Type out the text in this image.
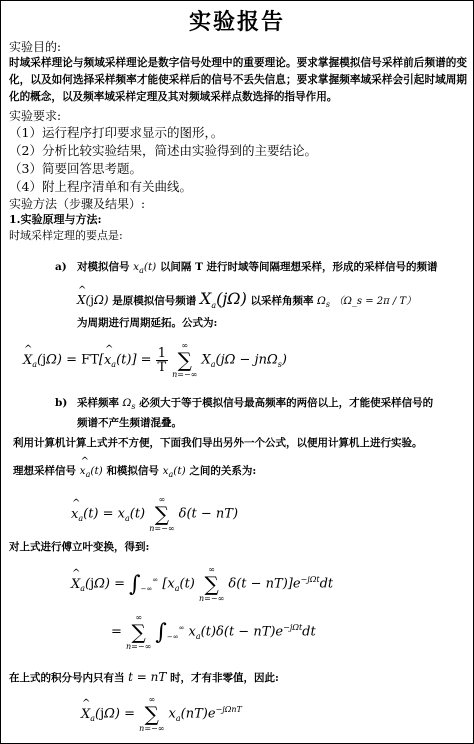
实验报告
实验目的:
时域采样理论与频域采样理论是数字信号处理中的重要理论。要求掌握模拟信号采样前后频谱的变化，以及如何选择采样频率才能使采样后的信号不丢失信息；要求掌握频率域采样会引起时域周期化的概念，以及频率域采样定理及其对频域采样点数选择的指导作用。
实验要求:
（1）运行程序打印要求显示的图形，。
（2）分析比较实验结果，简述由实验得到的主要结论。
（3）简要回答思考题。
（4）附上程序清单和有关曲线。
实验方法（步骤及结果）:
1.实验原理与方法:
时域采样定理的要点是:
a) 对模拟信号 $x_a(t)$ 以间隔 T 进行时域等间隔理想采样，形成的采样信号的频谱
^ X(jΩ) 是原模拟信号频谱 $X_a(j\Omega)$ 以采样角频率 $\Omega_s$ （Ω_s = 2π / T）
为周期进行周期延拓。公式为:
^ $X_a(j\Omega)$ = FT[^ $x_a(t)] = \frac{1}{T}$

∞
∑
n=−∞
$X_a(j\Omega - jn\Omega_s)$
b) 采样频率 $\Omega_s$ 必须大于等于模拟信号最高频率的两倍以上，才能使采样信号的
频谱不产生频谱混叠。
利用计算机计算上式并不方便，下面我们导出另外一个公式，以便用计算机上进行实验。
理想采样信号 ^ $x_a(t)$ 和模拟信号 $x_a(t)$ 之间的关系为:
^ $x_a(t) = x_a(t)$
∞
∑
n=−∞
δ(t − nT)
对上式进行傅立叶变换，得到:
^ $X_a(j\Omega) = \int_{-\infty}^\infty$ [$x_a(t)$
∞
∑
n=−∞
$\delta(t - nT)]e^{-j\Omega t}dt$
=
∞
∑
n=−∞
$\int_{-\infty}^\infty$ $x_a(t)\delta(t - nT)e^{-j\Omega t}dt$
在上式的积分号内只有当 t = nT 时，才有非零值，因此:
^ $X_a(j\Omega)$ =
∞
∑
n=−∞
$x_a(nT)e^{-j\Omega nT}$
